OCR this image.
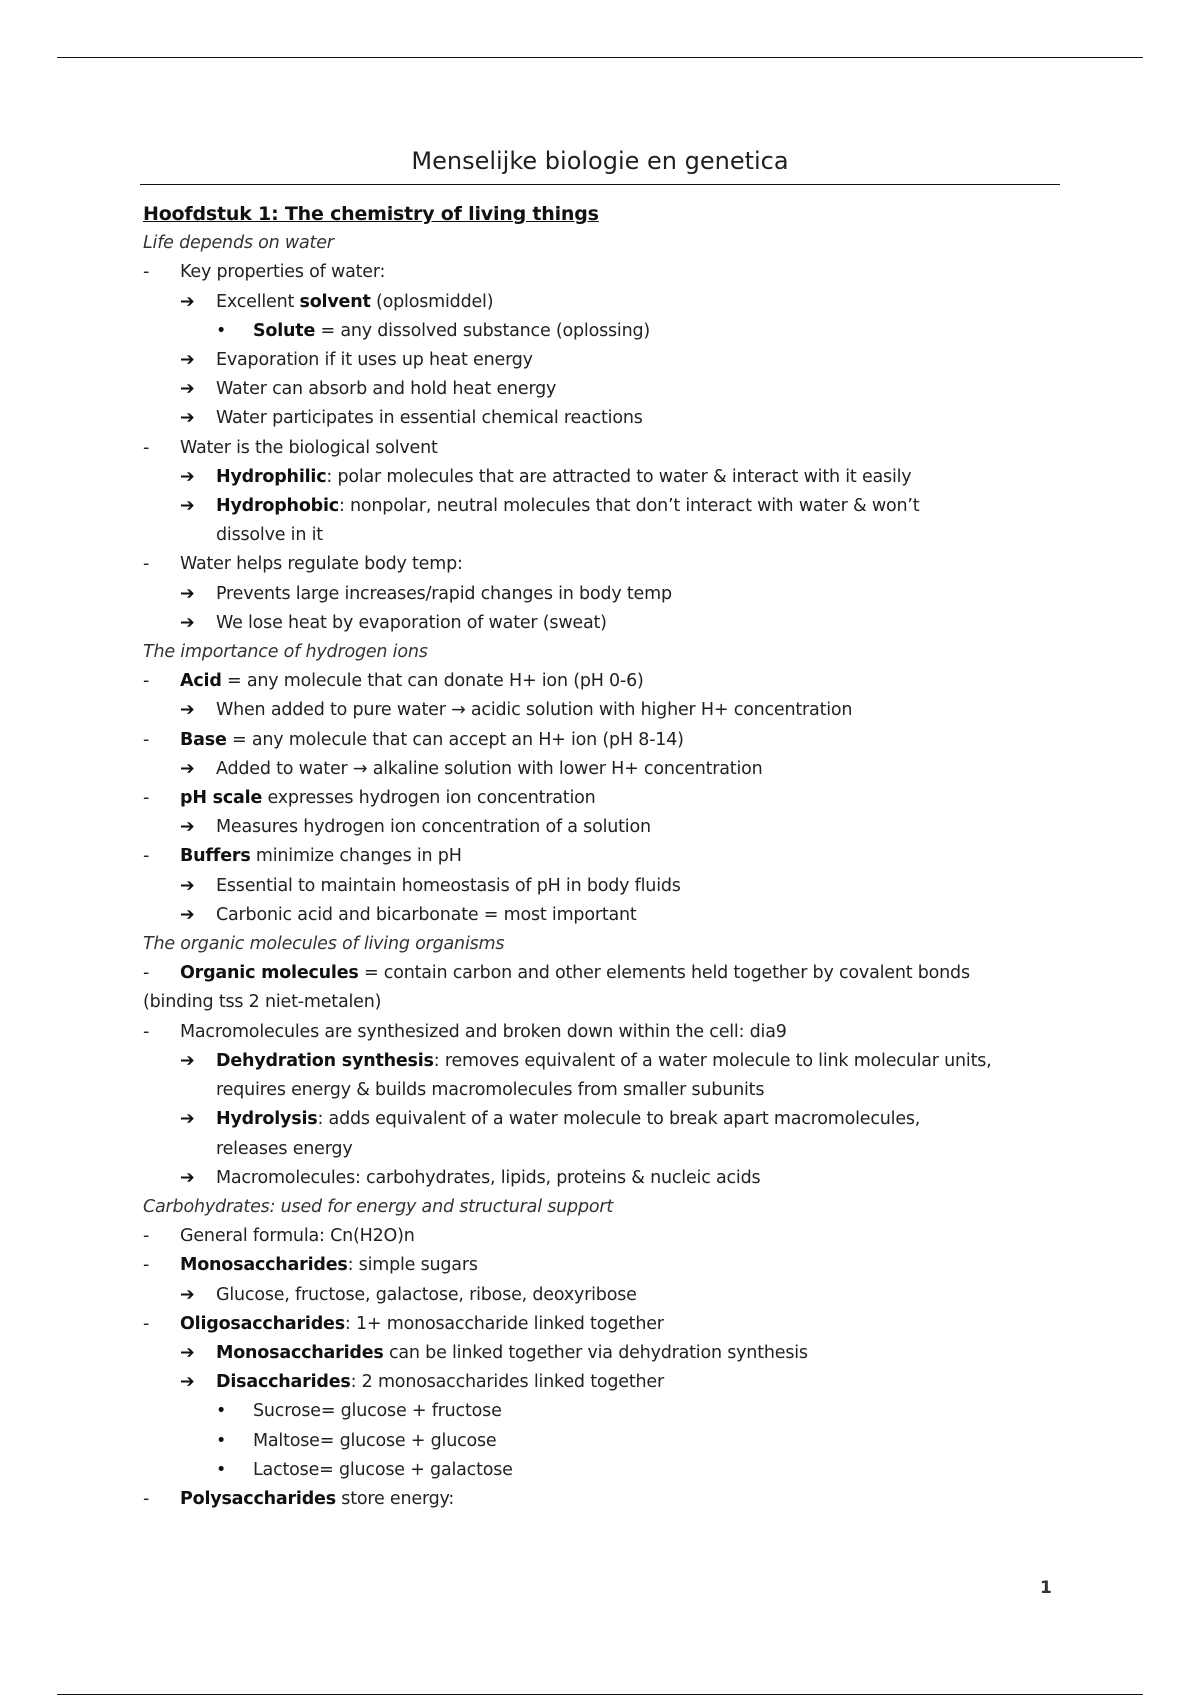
Menselijke biologie en genetica
Hoofdstuk 1: The chemistry of living things
Life depends on water
- Key properties of water:
➔ Excellent solvent (oplosmiddel)
• Solute = any dissolved substance (oplossing)
➔ Evaporation if it uses up heat energy
➔ Water can absorb and hold heat energy
➔ Water participates in essential chemical reactions
- Water is the biological solvent
➔ Hydrophilic: polar molecules that are attracted to water & interact with it easily
➔ Hydrophobic: nonpolar, neutral molecules that don’t interact with water & won’t
dissolve in it
- Water helps regulate body temp:
➔ Prevents large increases/rapid changes in body temp
➔ We lose heat by evaporation of water (sweat)
The importance of hydrogen ions
- Acid = any molecule that can donate H+ ion (pH 0-6)
➔ When added to pure water → acidic solution with higher H+ concentration
- Base = any molecule that can accept an H+ ion (pH 8-14)
➔ Added to water → alkaline solution with lower H+ concentration
- pH scale expresses hydrogen ion concentration
➔ Measures hydrogen ion concentration of a solution
- Buffers minimize changes in pH
➔ Essential to maintain homeostasis of pH in body fluids
➔ Carbonic acid and bicarbonate = most important
The organic molecules of living organisms
- Organic molecules = contain carbon and other elements held together by covalent bonds
(binding tss 2 niet-metalen)
- Macromolecules are synthesized and broken down within the cell: dia9
➔ Dehydration synthesis: removes equivalent of a water molecule to link molecular units,
requires energy & builds macromolecules from smaller subunits
➔ Hydrolysis: adds equivalent of a water molecule to break apart macromolecules,
releases energy
➔ Macromolecules: carbohydrates, lipids, proteins & nucleic acids
Carbohydrates: used for energy and structural support
- General formula: Cn(H2O)n
- Monosaccharides: simple sugars
➔ Glucose, fructose, galactose, ribose, deoxyribose
- Oligosaccharides: 1+ monosaccharide linked together
➔ Monosaccharides can be linked together via dehydration synthesis
➔ Disaccharides: 2 monosaccharides linked together
• Sucrose= glucose + fructose
• Maltose= glucose + glucose
• Lactose= glucose + galactose
- Polysaccharides store energy:
1
